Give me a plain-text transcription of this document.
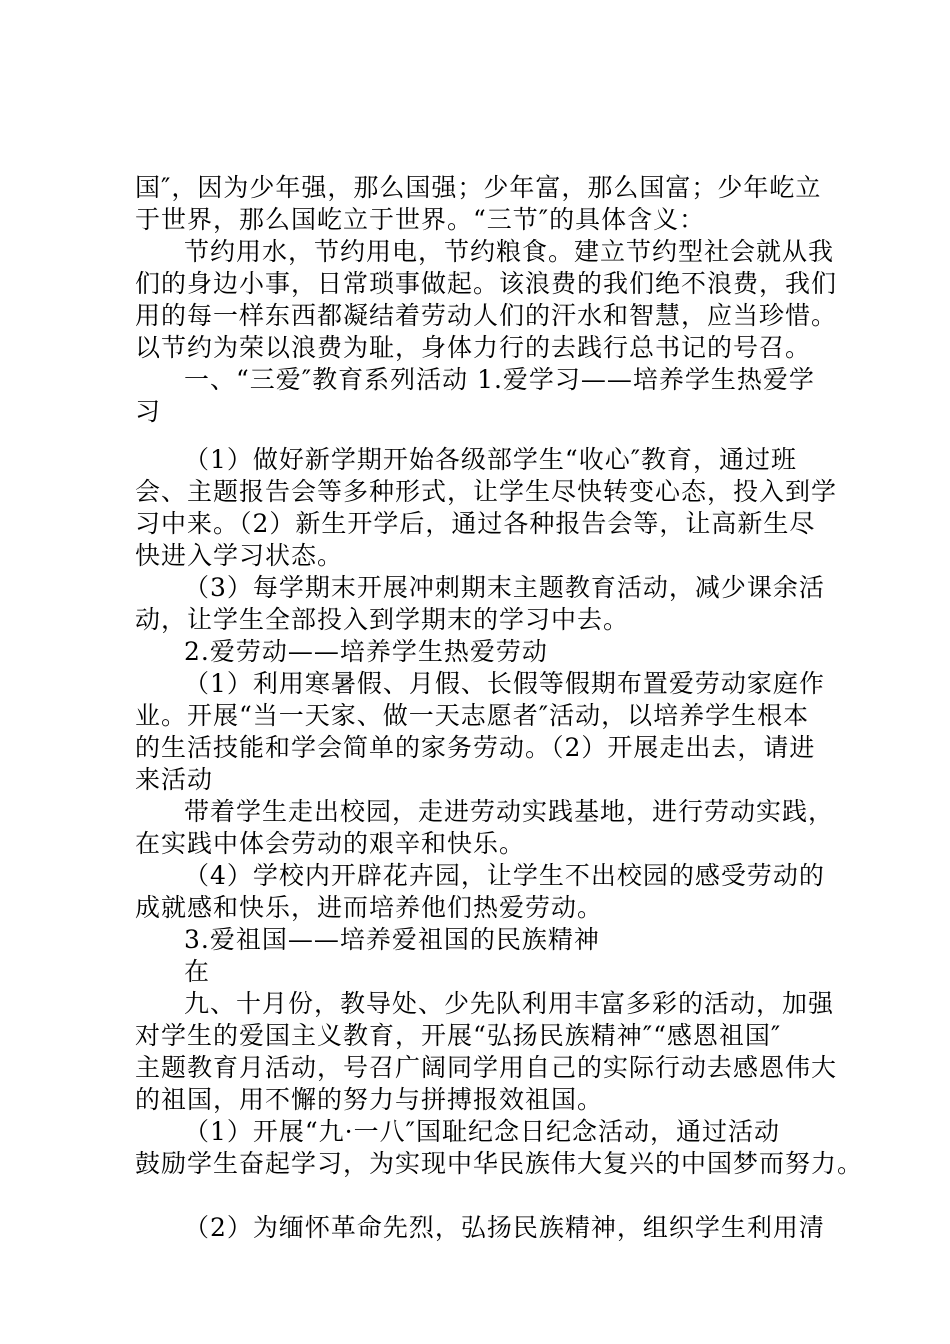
国″，因为少年强，那么国强；少年富，那么国富；少年屹立
于世界，那么国屹立于世界。“三节″的具体含义：
节约用水，节约用电，节约粮食。建立节约型社会就从我
们的身边小事，日常琐事做起。该浪费的我们绝不浪费，我们
用的每一样东西都凝结着劳动人们的汗水和智慧，应当珍惜。
以节约为荣以浪费为耻，身体力行的去践行总书记的号召。
一、“三爱″教育系列活动 1.爱学习——培养学生热爱学
习
（1）做好新学期开始各级部学生“收心″教育，通过班
会、主题报告会等多种形式，让学生尽快转变心态，投入到学
习中来。（2）新生开学后，通过各种报告会等，让高新生尽
快进入学习状态。
（3）每学期末开展冲刺期末主题教育活动，减少课余活
动，让学生全部投入到学期末的学习中去。
2.爱劳动——培养学生热爱劳动
（1）利用寒暑假、月假、长假等假期布置爱劳动家庭作
业。开展“当一天家、做一天志愿者″活动，以培养学生根本
的生活技能和学会简单的家务劳动。（2）开展走出去，请进
来活动
带着学生走出校园，走进劳动实践基地，进行劳动实践，
在实践中体会劳动的艰辛和快乐。
（4）学校内开辟花卉园，让学生不出校园的感受劳动的
成就感和快乐，进而培养他们热爱劳动。
3.爱祖国——培养爱祖国的民族精神
在
九、十月份，教导处、少先队利用丰富多彩的活动，加强
对学生的爱国主义教育，开展“弘扬民族精神″“感恩祖国″
主题教育月活动，号召广阔同学用自己的实际行动去感恩伟大
的祖国，用不懈的努力与拼搏报效祖国。
（1）开展“九·一八″国耻纪念日纪念活动，通过活动
鼓励学生奋起学习，为实现中华民族伟大复兴的中国梦而努力。
（2）为缅怀革命先烈，弘扬民族精神，组织学生利用清
